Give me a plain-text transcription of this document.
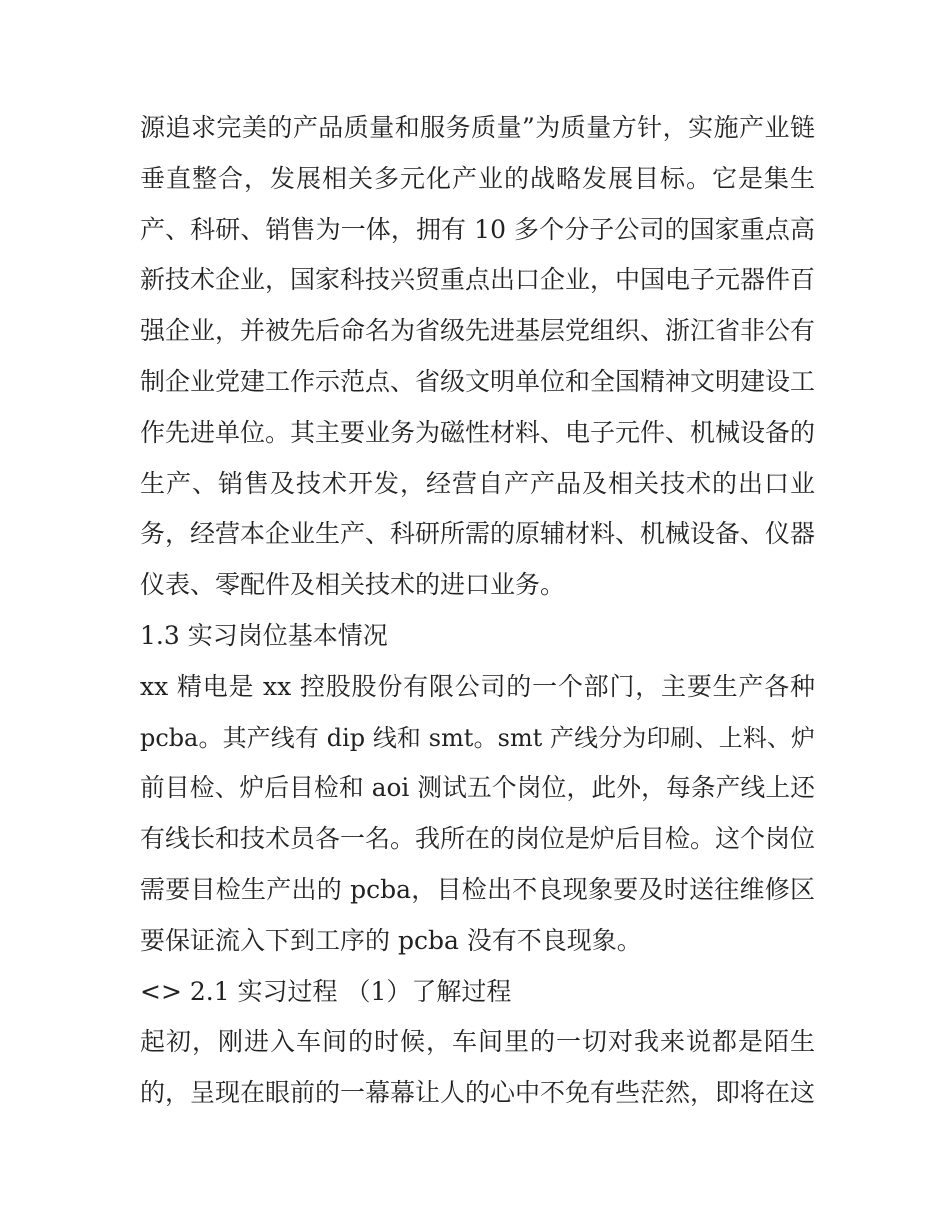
源追求完美的产品质量和服务质量”为质量方针，实施产业链
垂直整合，发展相关多元化产业的战略发展目标。它是集生
产、科研、销售为一体，拥有 10 多个分子公司的国家重点高
新技术企业，国家科技兴贸重点出口企业，中国电子元器件百
强企业，并被先后命名为省级先进基层党组织、浙江省非公有
制企业党建工作示范点、省级文明单位和全国精神文明建设工
作先进单位。其主要业务为磁性材料、电子元件、机械设备的
生产、销售及技术开发，经营自产产品及相关技术的出口业
务，经营本企业生产、科研所需的原辅材料、机械设备、仪器
仪表、零配件及相关技术的进口业务。
1.3 实习岗位基本情况
xx 精电是 xx 控股股份有限公司的一个部门，主要生产各种
pcba。其产线有 dip 线和 smt。smt 产线分为印刷、上料、炉
前目检、炉后目检和 aoi 测试五个岗位，此外，每条产线上还
有线长和技术员各一名。我所在的岗位是炉后目检。这个岗位
需要目检生产出的 pcba，目检出不良现象要及时送往维修区
要保证流入下到工序的 pcba 没有不良现象。
<> 2.1 实习过程 （1）了解过程
起初，刚进入车间的时候，车间里的一切对我来说都是陌生
的，呈现在眼前的一幕幕让人的心中不免有些茫然，即将在这
